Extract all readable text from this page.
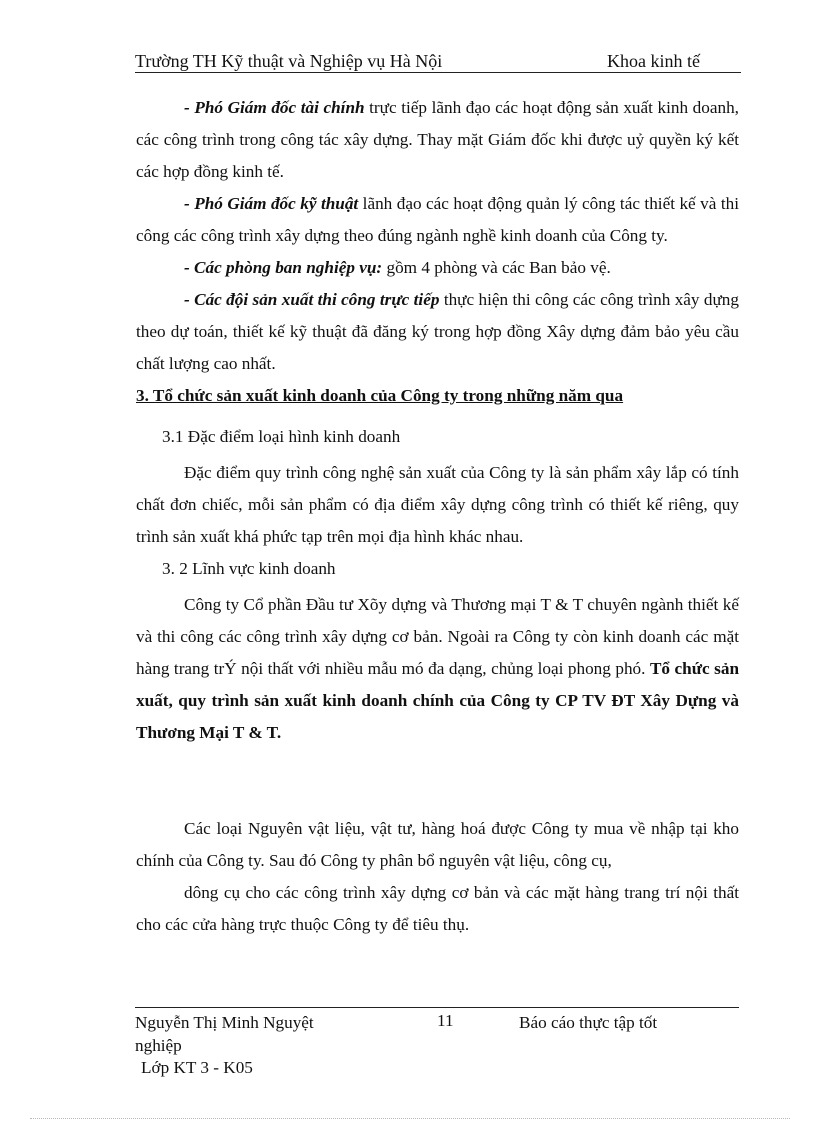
Trường TH Kỹ thuật và Nghiệp vụ Hà Nội	Khoa kinh tế

- Phó Giám đốc tài chính trực tiếp lãnh đạo các hoạt động sản xuất kinh doanh, các công trình trong công tác xây dựng. Thay mặt Giám đốc khi được uỷ quyền ký kết các hợp đồng kinh tế.

- Phó Giám đốc kỹ thuật lãnh đạo các hoạt động quản lý công tác thiết kế và thi công các công trình xây dựng theo đúng ngành nghề kinh doanh của Công ty.

- Các phòng ban nghiệp vụ: gồm 4 phòng và các Ban bảo vệ.

- Các đội sản xuất thi công trực tiếp thực hiện thi công các công trình xây dựng theo dự toán, thiết kế kỹ thuật đã đăng ký trong hợp đồng Xây dựng đảm bảo yêu cầu chất lượng cao nhất.

3. Tổ chức sản xuất kinh doanh của Công ty trong những năm qua

3.1 Đặc điểm loại hình kinh doanh

Đặc điểm quy trình công nghệ sản xuất của Công ty là sản phẩm xây lắp có tính chất đơn chiếc, mỗi sản phẩm có địa điểm xây dựng công trình có thiết kế riêng, quy trình sản xuất khá phức tạp trên mọi địa hình khác nhau.

3. 2 Lĩnh vực kinh doanh

Công ty Cổ phần Đầu tư Xõy dựng và Thương mại T & T chuyên ngành thiết kế và thi công các công trình xây dựng cơ bản. Ngoài ra Công ty còn kinh doanh các mặt hàng trang trÝ nội thất với nhiều mẫu mó đa dạng, chủng loại phong phó. Tổ chức sản xuất, quy trình sản xuất kinh doanh chính của Công ty CP TV ĐT Xây Dựng và Thương Mại T & T.

Các loại Nguyên vật liệu, vật tư, hàng hoá được Công ty mua về nhập tại kho chính của Công ty. Sau đó Công ty phân bổ nguyên vật liệu, công cụ,

dông cụ cho các công trình xây dựng cơ bản và các mặt hàng trang trí nội thất cho các cửa hàng trực thuộc Công ty để tiêu thụ.

Nguyễn Thị Minh Nguyệt	11	Báo cáo thực tập tốt
nghiệp
Lớp KT 3 - K05
